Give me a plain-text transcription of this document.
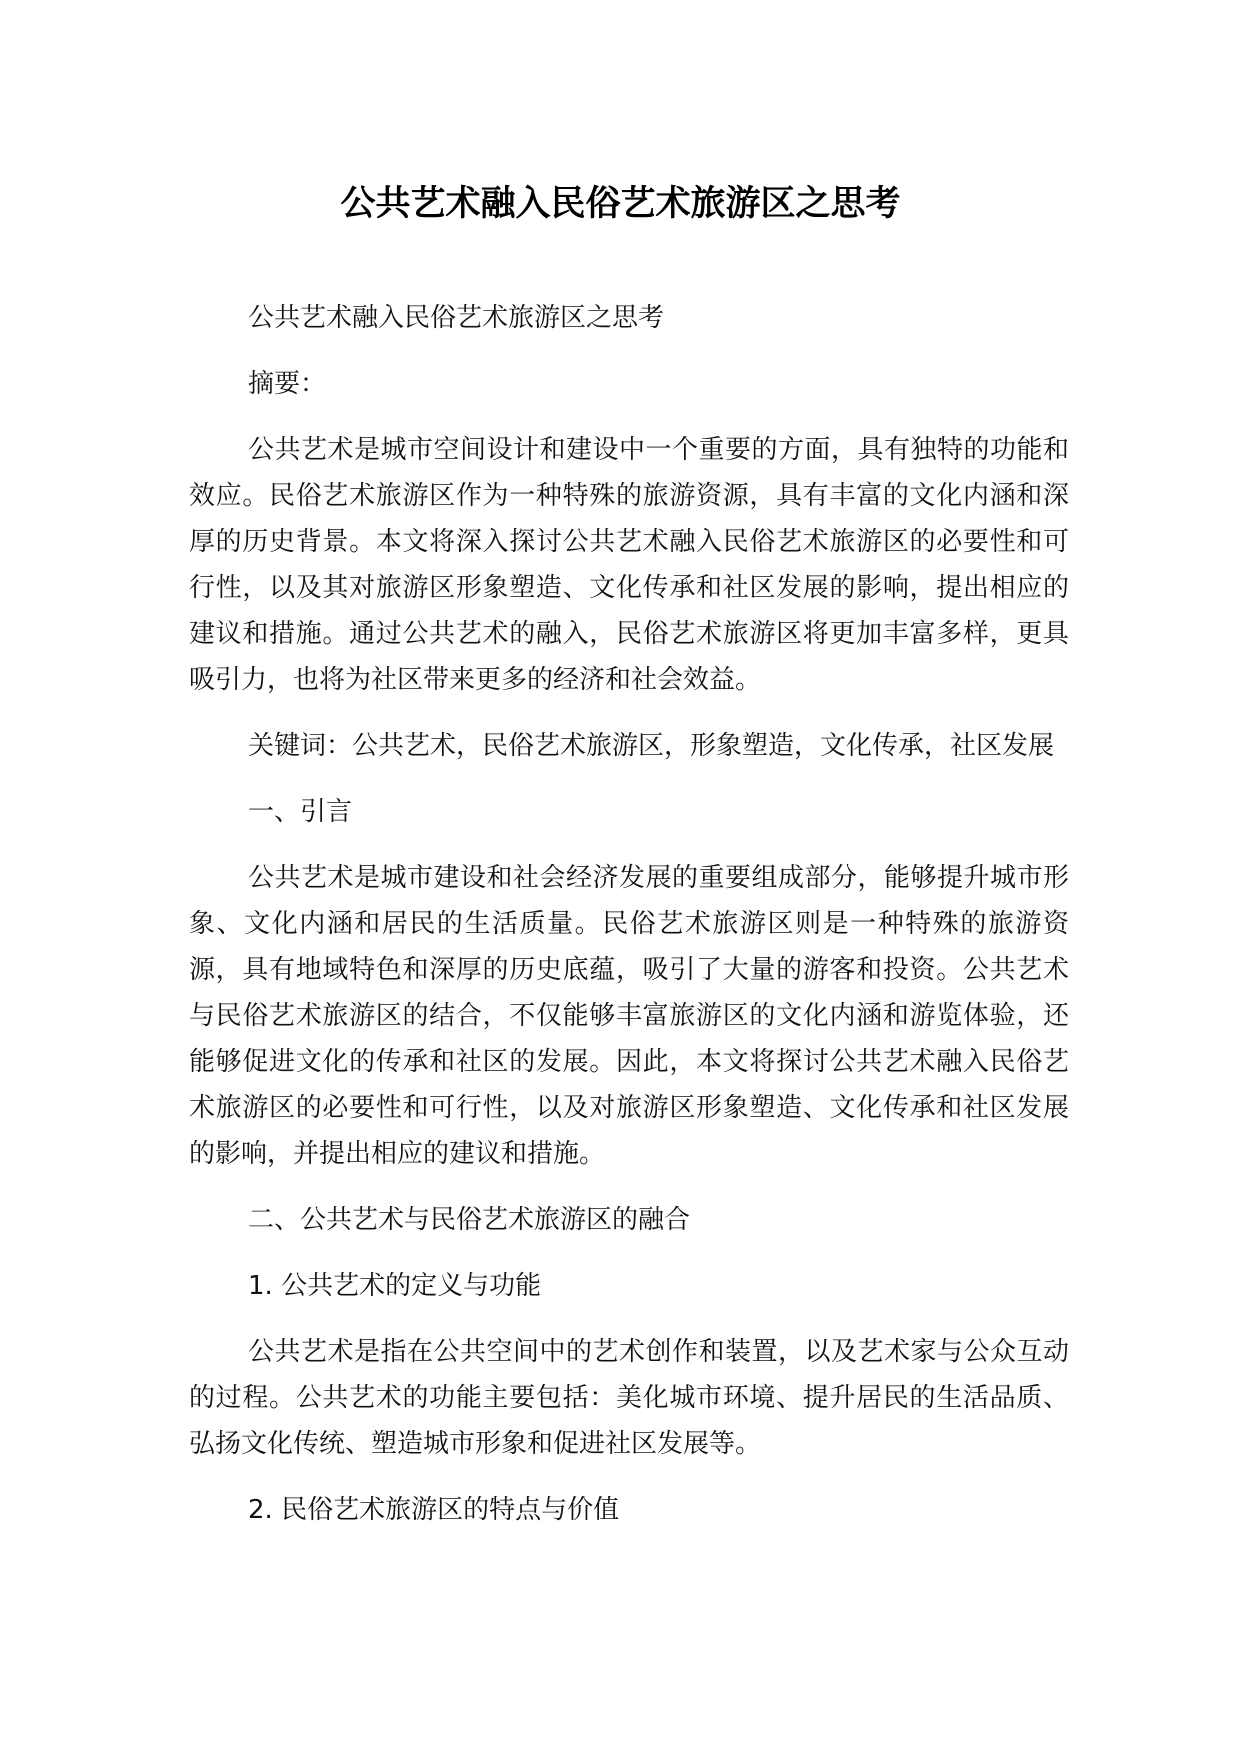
公共艺术融入民俗艺术旅游区之思考

公共艺术融入民俗艺术旅游区之思考

摘要：

公共艺术是城市空间设计和建设中一个重要的方面，具有独特的功能和效应。民俗艺术旅游区作为一种特殊的旅游资源，具有丰富的文化内涵和深厚的历史背景。本文将深入探讨公共艺术融入民俗艺术旅游区的必要性和可行性，以及其对旅游区形象塑造、文化传承和社区发展的影响，提出相应的建议和措施。通过公共艺术的融入，民俗艺术旅游区将更加丰富多样，更具吸引力，也将为社区带来更多的经济和社会效益。

关键词：公共艺术，民俗艺术旅游区，形象塑造，文化传承，社区发展

一、引言

公共艺术是城市建设和社会经济发展的重要组成部分，能够提升城市形象、文化内涵和居民的生活质量。民俗艺术旅游区则是一种特殊的旅游资源，具有地域特色和深厚的历史底蕴，吸引了大量的游客和投资。公共艺术与民俗艺术旅游区的结合，不仅能够丰富旅游区的文化内涵和游览体验，还能够促进文化的传承和社区的发展。因此，本文将探讨公共艺术融入民俗艺术旅游区的必要性和可行性，以及对旅游区形象塑造、文化传承和社区发展的影响，并提出相应的建议和措施。

二、公共艺术与民俗艺术旅游区的融合

1. 公共艺术的定义与功能

公共艺术是指在公共空间中的艺术创作和装置，以及艺术家与公众互动的过程。公共艺术的功能主要包括：美化城市环境、提升居民的生活品质、弘扬文化传统、塑造城市形象和促进社区发展等。

2. 民俗艺术旅游区的特点与价值
